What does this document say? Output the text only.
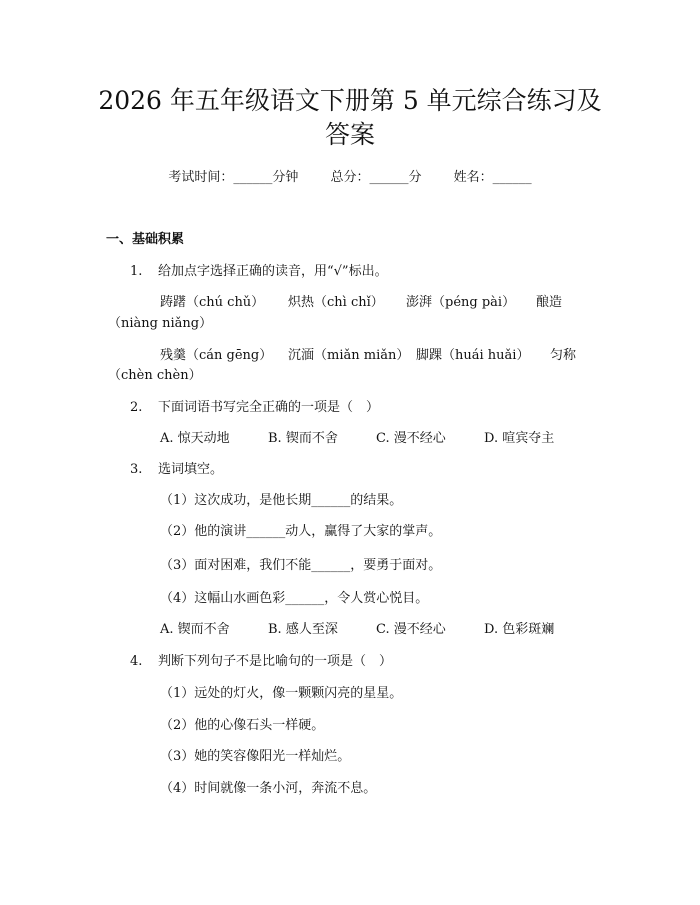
2026 年五年级语文下册第 5 单元综合练习及
答案
考试时间：______分钟 总分：______分 姓名：______
一、基础积累
1. 给加点字选择正确的读音，用“√”标出。
踌躇（chú chǔ） 炽热（chì chǐ） 澎湃（péng pài） 酿造
（niàng niǎng）
残羹（cán gēng） 沉湎（miǎn miǎn） 脚踝（huái huǎi） 匀称
（chèn chèn）
2. 下面词语书写完全正确的一项是（　）
A. 惊天动地	B. 锲而不舍	C. 漫不经心	D. 喧宾夺主
3. 选词填空。
（1）这次成功，是他长期______的结果。
（2）他的演讲______动人，赢得了大家的掌声。
（3）面对困难，我们不能______，要勇于面对。
（4）这幅山水画色彩______，令人赏心悦目。
A. 锲而不舍	B. 感人至深	C. 漫不经心	D. 色彩斑斓
4. 判断下列句子不是比喻句的一项是（　）
（1）远处的灯火，像一颗颗闪亮的星星。
（2）他的心像石头一样硬。
（3）她的笑容像阳光一样灿烂。
（4）时间就像一条小河，奔流不息。
